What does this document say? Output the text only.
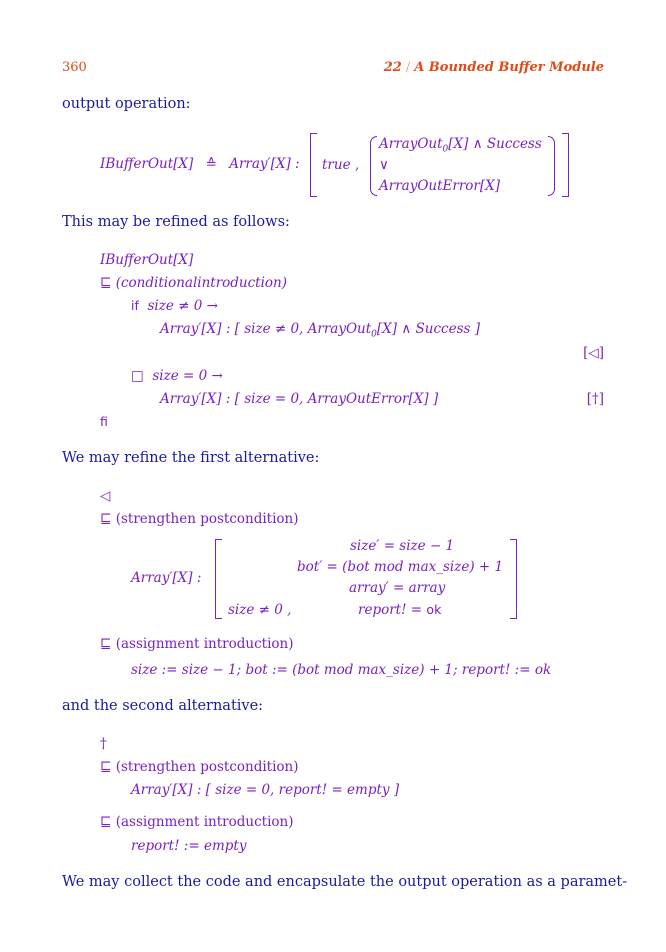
360	22 / A Bounded Buffer Module
output operation:
IBufferOut[X] ≙ Array′[X] : true ,
ArrayOut$_0$[X] ∧ Success
∨
ArrayOutError[X]
This may be refined as follows:
IBufferOut[X]
⊑ (conditionalintroduction)
if size ≠ 0 →
Array′[X] : [ size ≠ 0, ArrayOut$_0$[X] ∧ Success ]
[◁]
□ size = 0 →
Array′[X] : [ size = 0, ArrayOutError[X] ]	[†]
fi
We may refine the first alternative:
◁
⊑ (strengthen postcondition)
Array′[X] :
size ≠ 0 ,
size′ = size − 1
bot′ = (bot mod max_size) + 1
array′ = array
report! = ok
⊑ (assignment introduction)
size := size − 1; bot := (bot mod max_size) + 1; report! := ok
and the second alternative:
†
⊑ (strengthen postcondition)
Array′[X] : [ size = 0, report! = empty ]
⊑ (assignment introduction)
report! := empty
We may collect the code and encapsulate the output operation as a paramet-
